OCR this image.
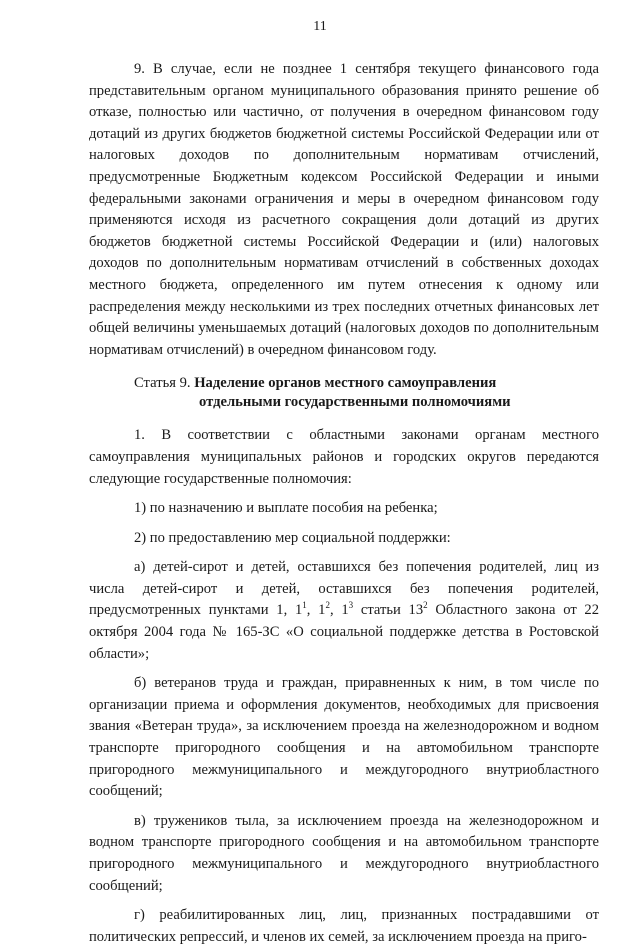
11

9. В случае, если не позднее 1 сентября текущего финансового года представительным органом муниципального образования принято решение об отказе, полностью или частично, от получения в очередном финансовом году дотаций из других бюджетов бюджетной системы Российской Федерации или от налоговых доходов по дополнительным нормативам отчислений, предусмотренные Бюджетным кодексом Российской Федерации и иными федеральными законами ограничения и меры в очередном финансовом году применяются исходя из расчетного сокращения доли дотаций из других бюджетов бюджетной системы Российской Федерации и (или) налоговых доходов по дополнительным нормативам отчислений в собственных доходах местного бюджета, определенного им путем отнесения к одному или распределения между несколькими из трех последних отчетных финансовых лет общей величины уменьшаемых дотаций (налоговых доходов по дополнительным нормативам отчислений) в очередном финансовом году.

Статья 9. Наделение органов местного самоуправления
отдельными государственными полномочиями

1. В соответствии с областными законами органам местного самоуправления муниципальных районов и городских округов передаются следующие государственные полномочия:

1) по назначению и выплате пособия на ребенка;

2) по предоставлению мер социальной поддержки:

а) детей-сирот и детей, оставшихся без попечения родителей, лиц из числа детей-сирот и детей, оставшихся без попечения родителей, предусмотренных пунктами 1, $1^1$, $1^2$, $1^3$ статьи $13^2$ Областного закона от 22 октября 2004 года № 165-ЗС «О социальной поддержке детства в Ростовской области»;

б) ветеранов труда и граждан, приравненных к ним, в том числе по организации приема и оформления документов, необходимых для присвоения звания «Ветеран труда», за исключением проезда на железнодорожном и водном транспорте пригородного сообщения и на автомобильном транспорте пригородного межмуниципального и междугородного внутриобластного сообщений;

в) тружеников тыла, за исключением проезда на железнодорожном и водном транспорте пригородного сообщения и на автомобильном транспорте пригородного межмуниципального и междугородного внутриобластного сообщений;

г) реабилитированных лиц, лиц, признанных пострадавшими от политических репрессий, и членов их семей, за исключением проезда на приго-
